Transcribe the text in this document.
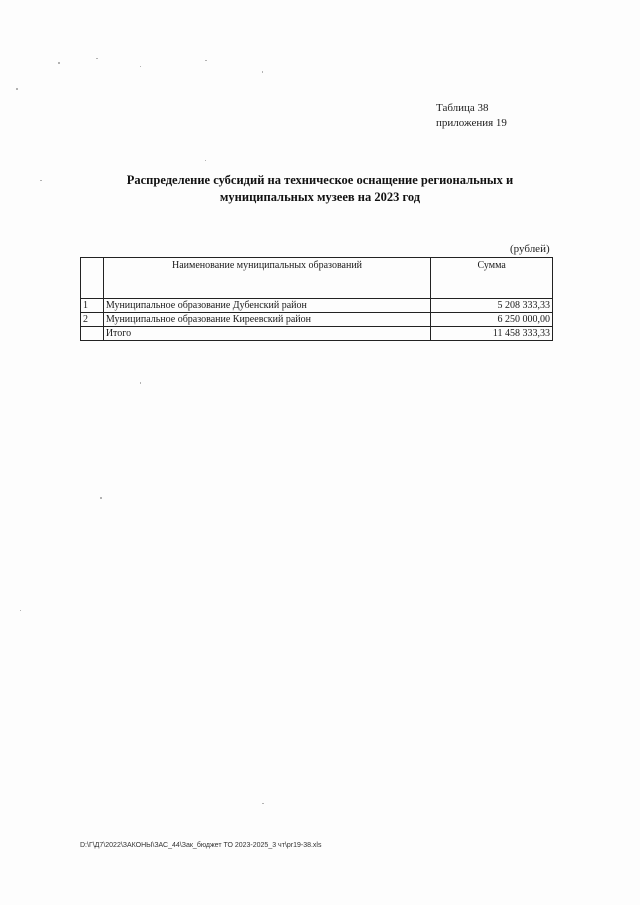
Таблица 38
приложения 19
Распределение субсидий на техническое оснащение региональных и
муниципальных музеев на 2023 год
(рублей)
	Наименование муниципальных образований	Сумма
1	Муниципальное образование Дубенский район	5 208 333,33
2	Муниципальное образование Киреевский район	6 250 000,00
	Итого	11 458 333,33
D:\Г\Д7\2022\ЗАКОНЫ\ЗАС_44\Зак_бюджет ТО 2023-2025_3 чт\pr19-38.xls
